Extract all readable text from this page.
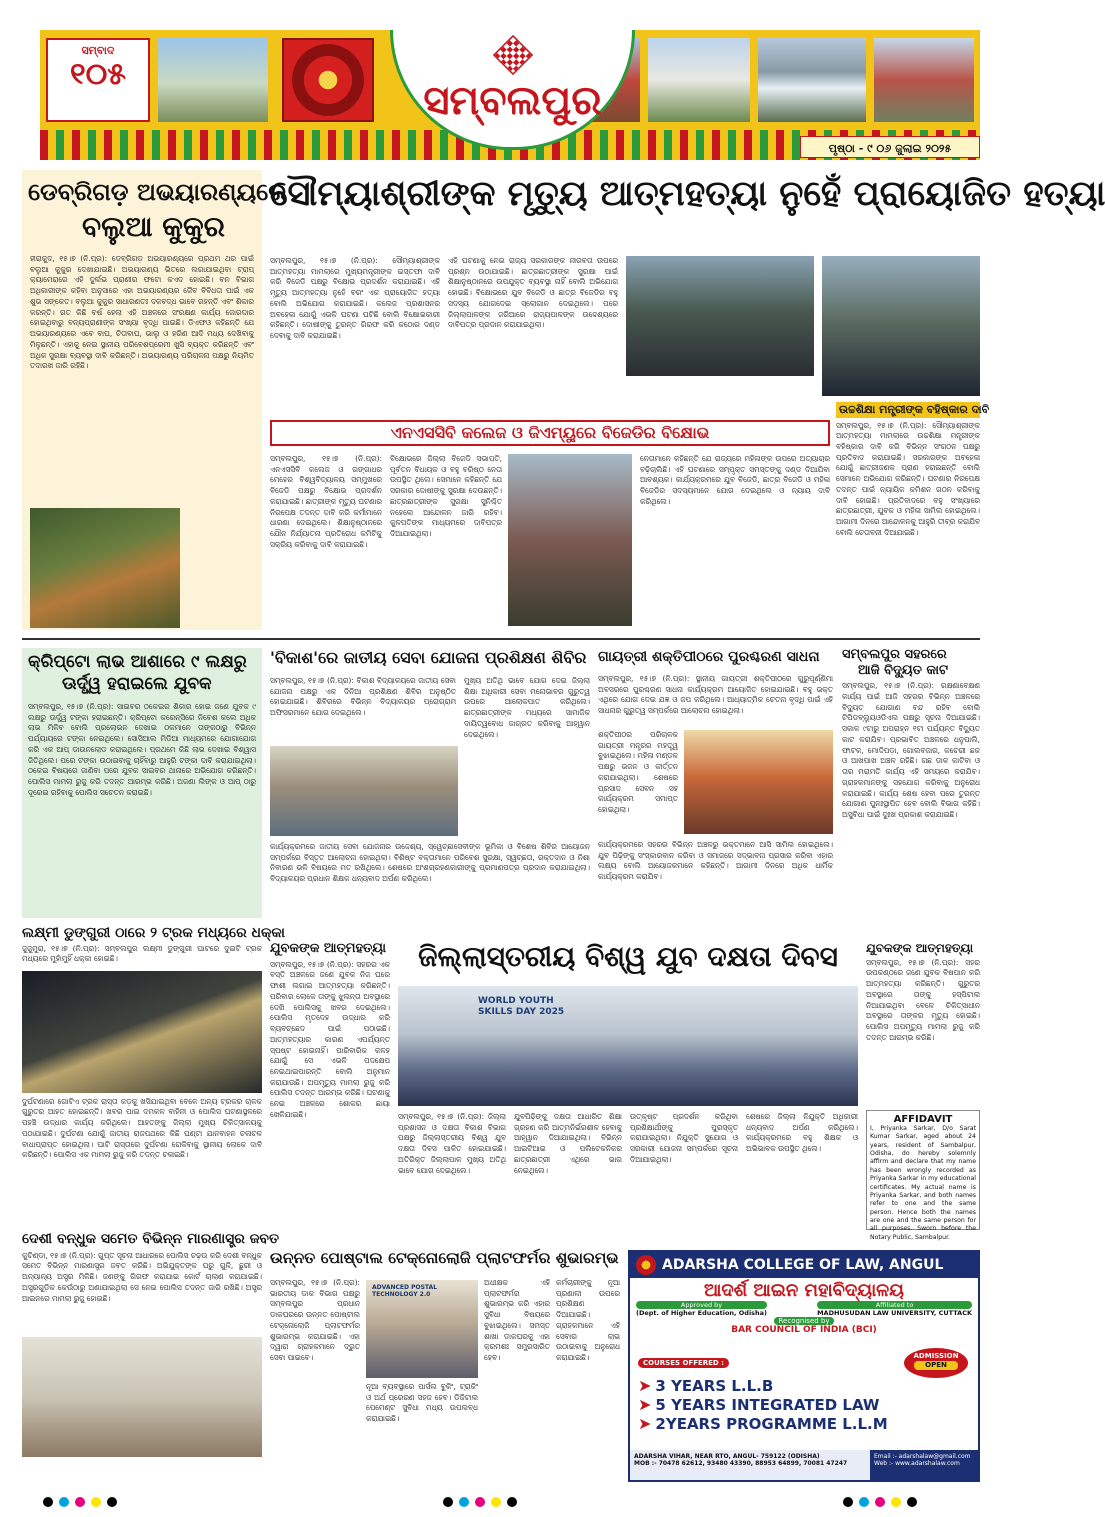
ସମ୍ବାଦ
୧୦୫
ସମ୍ବଲପୁର
ପୃଷ୍ଠା - ୯ ୦୬ ଜୁଲାଇ ୨୦୨୫
ଡେବ୍ରିଗଡ଼ ଅଭୟାରଣ୍ୟରେ
ବଲୁଆ କୁକୁର
ହୀରାକୁଦ, ୧୫।୭ (ନି.ପ୍ର): ଡେବ୍ରିଗଡ଼ ଅଭୟାରଣ୍ୟରେ ପ୍ରଥମ ଥର ପାଇଁ ବଲୁଆ କୁକୁର ଦେଖାଯାଇଛି। ଅଭୟାରଣ୍ୟ ଭିତରେ ଲଗାଯାଇଥିବା ଟ୍ରାପ୍ କ୍ୟାମେରାରେ ଏହି ଦୁର୍ଲଭ ପ୍ରାଣୀର ଫଟୋ କଏଦ ହୋଇଛି। ବନ ବିଭାଗ ଅଧିକାରୀଙ୍କ କହିବା ଅନୁସାରେ ଏହା ଅଭୟାରଣ୍ୟର ଜୈବ ବିବିଧତା ପାଇଁ ଏକ ଶୁଭ ସଙ୍କେତ। ବଲୁଆ କୁକୁର ସାଧାରଣତଃ ଦଳବଦ୍ଧ ଭାବେ ରହନ୍ତି ଏବଂ ଶିକାର କରନ୍ତି। ଗତ କିଛି ବର୍ଷ ହେଲା ଏହି ଅଞ୍ଚଳରେ ସଂରକ୍ଷଣ କାର୍ଯ୍ୟ ଜୋରଦାର ହୋଇଥିବାରୁ ବନ୍ୟପ୍ରାଣୀଙ୍କ ସଂଖ୍ୟା ବୃଦ୍ଧି ପାଇଛି। ଡିଏଫଓ କହିଛନ୍ତି ଯେ ଅଭୟାରଣ୍ୟରେ ଏବେ ବାଘ, ଚିତାବାଘ, ଭାଲୁ ଓ ହରିଣ ଆଦି ମଧ୍ୟ ଦେଖିବାକୁ ମିଳୁଛନ୍ତି। ଏହାକୁ ନେଇ ସ୍ଥାନୀୟ ପରିବେଶପ୍ରେମୀ ଖୁସି ବ୍ୟକ୍ତ କରିଛନ୍ତି ଏବଂ ଅଧିକ ସୁରକ୍ଷା ବ୍ୟବସ୍ଥା ଦାବି କରିଛନ୍ତି। ଅଭୟାରଣ୍ୟ ପରିଚାଳନା ପକ୍ଷରୁ ନିୟମିତ ତଦାରଖ ଜାରି ରହିଛି।
ସୌମ୍ୟାଶ୍ରୀଙ୍କ ମୃତ୍ୟୁ ଆତ୍ମହତ୍ୟା ନୁହେଁ ପ୍ରାୟୋଜିତ ହତ୍ୟା
ସମ୍ବଲପୁର, ୧୫।୭ (ନି.ପ୍ର): ସୌମ୍ୟାଶ୍ରୀଙ୍କ ଆତ୍ମହତ୍ୟା ମାମଲାରେ ମୁଖ୍ୟମନ୍ତ୍ରୀଙ୍କ ଇସ୍ତଫା ଦାବି କରି ବିଜେଡି ପକ୍ଷରୁ ବିକ୍ଷୋଭ ପ୍ରଦର୍ଶନ କରାଯାଇଛି। ଏହି ମୃତ୍ୟୁ ଆତ୍ମହତ୍ୟା ନୁହେଁ ବରଂ ଏକ ପ୍ରାୟୋଜିତ ହତ୍ୟା ବୋଲି ଅଭିଯୋଗ କରାଯାଇଛି। କଲେଜ ପ୍ରଶାସନର ଅବହେଳା ଯୋଗୁଁ ଏଭଳି ଘଟଣା ଘଟିଛି ବୋଲି ବିକ୍ଷୋଭକାରୀ କହିଛନ୍ତି। ଦୋଷୀଙ୍କୁ ତୁରନ୍ତ ଗିରଫ କରି କଠୋର ଦଣ୍ଡ ଦେବାକୁ ଦାବି କରାଯାଇଛି।
ଏହି ଘଟଣାକୁ ନେଇ ରାଜ୍ୟ ସରକାରଙ୍କ ନୀରବତା ଉପରେ ପ୍ରଶ୍ନ ଉଠାଯାଇଛି। ଛାତ୍ରଛାତ୍ରୀଙ୍କ ସୁରକ୍ଷା ପାଇଁ ଶିକ୍ଷାନୁଷ୍ଠାନରେ ଉପଯୁକ୍ତ ବ୍ୟବସ୍ଥା ନାହିଁ ବୋଲି ଅଭିଯୋଗ ହୋଇଛି। ବିକ୍ଷୋଭରେ ଯୁବ ବିଜେଡି ଓ ଛାତ୍ର ବିଜେଡିର ବହୁ ସଦସ୍ୟ ଯୋଗଦେଇ ସ୍ଲୋଗାନ ଦେଇଥିଲେ। ପରେ ଜିଲ୍ଲାପାଳଙ୍କ ଜରିଆରେ ରାଜ୍ୟପାଳଙ୍କ ଉଦ୍ଦେଶ୍ୟରେ ଦାବିପତ୍ର ପ୍ରଦାନ କରାଯାଇଥିଲା।
ଏନଏସସିବି କଲେଜ ଓ ଜିଏମ୍‌ୟୁରେ ବିଜେଡିର ବିକ୍ଷୋଭ
ସମ୍ବଲପୁର, ୧୫।୭ (ନି.ପ୍ର): ଏନଏସସିବି କଲେଜ ଓ ଗଙ୍ଗାଧର ମେହେର ବିଶ୍ୱବିଦ୍ୟାଳୟ ସମ୍ମୁଖରେ ବିଜେଡି ପକ୍ଷରୁ ବିକ୍ଷୋଭ ପ୍ରଦର୍ଶନ କରାଯାଇଛି। ଛାତ୍ରୀଙ୍କ ମୃତ୍ୟୁ ଘଟଣାର ନିରପେକ୍ଷ ତଦନ୍ତ ଦାବି କରି କର୍ମୀମାନେ ଧାରଣା ଦେଇଥିଲେ। ଶିକ୍ଷାନୁଷ୍ଠାନରେ ଯୌନ ନିର୍ଯ୍ୟାତନା ପ୍ରତିରୋଧ କମିଟିକୁ ସକ୍ରିୟ କରିବାକୁ ଦାବି କରାଯାଇଛି।
ବିକ୍ଷୋଭରେ ଜିଲ୍ଲା ବିଜେଡି ସଭାପତି, ପୂର୍ବତନ ବିଧାୟକ ଓ ବହୁ ବରିଷ୍ଠ ନେତା ଉପସ୍ଥିତ ଥିଲେ। ସେମାନେ କହିଛନ୍ତି ଯେ ସରକାର ଦୋଷୀଙ୍କୁ ସୁରକ୍ଷା ଦେଉଛନ୍ତି। ଛାତ୍ରଛାତ୍ରୀଙ୍କ ସୁରକ୍ଷା ସୁନିଶ୍ଚିତ ନହେଲେ ଆନ୍ଦୋଳନ ଜାରି ରହିବ। କୁଳପତିଙ୍କ ମାଧ୍ୟମରେ ଦାବିପତ୍ର ଦିଆଯାଇଥିଲା।
ନେତାମାନେ କହିଛନ୍ତି ଯେ ରାଜ୍ୟରେ ମହିଳାଙ୍କ ଉପରେ ଅତ୍ୟାଚାର ବଢ଼ିଚାଲିଛି। ଏହି ଘଟଣାରେ ସମ୍ପୃକ୍ତ ସମସ୍ତଙ୍କୁ ଦଣ୍ଡ ଦିଆଯିବା ଆବଶ୍ୟକ। କାର୍ଯ୍ୟକ୍ରମରେ ଯୁବ ବିଜେଡି, ଛାତ୍ର ବିଜେଡି ଓ ମହିଳା ବିଜେଡିର ସଦସ୍ୟମାନେ ଯୋଗ ଦେଇଥିଲେ ଓ ନ୍ୟାୟ ଦାବି କରିଥିଲେ।
ଉଚ୍ଚଶିକ୍ଷା ମନ୍ତ୍ରୀଙ୍କ ବହିଷ୍କାର ଦାବି
ସମ୍ବଲପୁର, ୧୫।୭ (ନି.ପ୍ର): ସୌମ୍ୟାଶ୍ରୀଙ୍କ ଆତ୍ମହତ୍ୟା ମାମଲାରେ ଉଚ୍ଚଶିକ୍ଷା ମନ୍ତ୍ରୀଙ୍କ ବହିଷ୍କାର ଦାବି କରି ବିଭିନ୍ନ ସଂଗଠନ ପକ୍ଷରୁ ପ୍ରତିବାଦ କରାଯାଇଛି। ସରକାରଙ୍କ ଅବହେଳା ଯୋଗୁଁ ଛାତ୍ରୀଜଣକ ପ୍ରାଣ ହରାଇଛନ୍ତି ବୋଲି ସେମାନେ ଅଭିଯୋଗ କରିଛନ୍ତି। ଘଟଣାର ନିରପେକ୍ଷ ତଦନ୍ତ ପାଇଁ ନ୍ୟାୟିକ କମିଶନ ଗଠନ କରିବାକୁ ଦାବି ହୋଇଛି। ପ୍ରତିବାଦରେ ବହୁ ସଂଖ୍ୟାରେ ଛାତ୍ରଛାତ୍ରୀ, ଯୁବକ ଓ ମହିଳା ସାମିଲ ହୋଇଥିଲେ। ଆଗାମୀ ଦିନରେ ଆନ୍ଦୋଳନକୁ ଆହୁରି ତୀବ୍ର କରାଯିବ ବୋଲି ଚେତାବନୀ ଦିଆଯାଇଛି।
କ୍ରିପ୍ଟୋ ଲାଭ ଆଶାରେ ୯ ଲକ୍ଷରୁ
ଊର୍ଦ୍ଧ୍ୱ ହରାଇଲେ ଯୁବକ
ସମ୍ବଲପୁର, ୧୫।୭ (ନି.ପ୍ର): ସାଇବର ଠକେଇର ଶିକାର ହୋଇ ଜଣେ ଯୁବକ ୯ ଲକ୍ଷରୁ ଊର୍ଦ୍ଧ୍ୱ ଟଙ୍କା ହରାଇଛନ୍ତି। କ୍ରିପ୍ଟୋ କରେନ୍ସିରେ ନିବେଶ କଲେ ଅଧିକ ଲାଭ ମିଳିବ ବୋଲି ପ୍ରଲୋଭନ ଦେଖାଇ ଠକମାନେ ତାଙ୍କଠାରୁ ବିଭିନ୍ନ ପର୍ଯ୍ୟାୟରେ ଟଙ୍କା ନେଇଥିଲେ। ସୋସିଆଲ ମିଡିଆ ମାଧ୍ୟମରେ ଯୋଗାଯୋଗ କରି ଏକ ଆପ୍ ଡାଉନଲୋଡ କରାଇଥିଲେ। ପ୍ରଥମେ କିଛି ଲାଭ ଦେଖାଇ ବିଶ୍ୱାସ ଜିତିଥିଲେ। ପରେ ଟଙ୍କା ଉଠାଇବାକୁ ଚାହିଁବାରୁ ଆହୁରି ଟଙ୍କା ଦାବି କରାଯାଇଥିଲା। ଠକେଇ ବିଷୟରେ ଜାଣିବା ପରେ ଯୁବକ ସାଇବର ଥାନାରେ ଅଭିଯୋଗ କରିଛନ୍ତି। ପୋଲିସ ମାମଲା ରୁଜୁ କରି ତଦନ୍ତ ଆରମ୍ଭ କରିଛି। ଅଜଣା ଲିଙ୍କ ଓ ଆପ୍ ଠାରୁ ଦୂରେଇ ରହିବାକୁ ପୋଲିସ ସଚେତନ କରାଇଛି।
'ବିକାଶ'ରେ ଜାତୀୟ ସେବା ଯୋଜନା ପ୍ରଶିକ୍ଷଣ ଶିବିର
ସମ୍ବଲପୁର, ୧୫।୭ (ନି.ପ୍ର): ବିକାଶ ବିଦ୍ୟାଳୟରେ ଜାତୀୟ ସେବା ଯୋଜନା ପକ୍ଷରୁ ଏକ ଦିନିଆ ପ୍ରଶିକ୍ଷଣ ଶିବିର ଅନୁଷ୍ଠିତ ହୋଇଯାଇଛି। ଶିବିରରେ ବିଭିନ୍ନ ବିଦ୍ୟାଳୟର ପ୍ରୋଗ୍ରାମ ଅଫିସରମାନେ ଯୋଗ ଦେଇଥିଲେ।
ମୁଖ୍ୟ ଅତିଥି ଭାବେ ଯୋଗ ଦେଇ ଜିଲ୍ଲା ଶିକ୍ଷା ଅଧିକାରୀ ସେବା ମନୋଭାବର ଗୁରୁତ୍ୱ ଉପରେ ଆଲୋକପାତ କରିଥିଲେ। ଛାତ୍ରଛାତ୍ରୀଙ୍କ ମଧ୍ୟରେ ସାମାଜିକ ଦାୟିତ୍ୱବୋଧ ଜାଗ୍ରତ କରିବାକୁ ଆହ୍ୱାନ ଦେଇଥିଲେ।
କାର୍ଯ୍ୟକ୍ରମରେ ଜାତୀୟ ସେବା ଯୋଜନାର ଉଦ୍ଦେଶ୍ୟ, ସ୍ୱେଚ୍ଛାସେବୀଙ୍କ ଭୂମିକା ଓ ବିଶେଷ ଶିବିର ଆୟୋଜନ ସମ୍ପର୍କରେ ବିସ୍ତୃତ ଆଲୋଚନା ହୋଇଥିଲା। ବିଶିଷ୍ଟ ବକ୍ତାମାନେ ପରିବେଶ ସୁରକ୍ଷା, ସ୍ୱଚ୍ଛତା, ରକ୍ତଦାନ ଓ ନିଶା ନିବାରଣ ଭଳି ବିଷୟରେ ମତ ରଖିଥିଲେ। ଶେଷରେ ଅଂଶଗ୍ରହଣକାରୀଙ୍କୁ ପ୍ରମାଣପତ୍ର ପ୍ରଦାନ କରାଯାଇଥିଲା। ବିଦ୍ୟାଳୟର ପ୍ରଧାନ ଶିକ୍ଷକ ଧନ୍ୟବାଦ ଅର୍ପଣ କରିଥିଲେ।
ଗାୟତ୍ରୀ ଶକ୍ତିପୀଠରେ ପୁରଶ୍ଚରଣ ସାଧନା
ସମ୍ବଲପୁର, ୧୫।୭ (ନି.ପ୍ର): ସ୍ଥାନୀୟ ଗାୟତ୍ରୀ ଶକ୍ତିପୀଠରେ ଗୁରୁପୂର୍ଣ୍ଣିମା ଅବସରରେ ପୁରଶ୍ଚରଣ ସାଧନା କାର୍ଯ୍ୟକ୍ରମ ଆୟୋଜିତ ହୋଇଯାଇଛି। ବହୁ ଭକ୍ତ ଏଥିରେ ଯୋଗ ଦେଇ ଯଜ୍ଞ ଓ ଜପ କରିଥିଲେ। ଆଧ୍ୟାତ୍ମିକ ଚେତନା ବୃଦ୍ଧି ପାଇଁ ଏହି ସାଧନାର ଗୁରୁତ୍ୱ ସମ୍ପର୍କରେ ଆଲୋଚନା ହୋଇଥିଲା।
ଶକ୍ତିପୀଠର ପରିଚାଳକ ଗାୟତ୍ରୀ ମନ୍ତ୍ରର ମହତ୍ତ୍ୱ ବୁଝାଇଥିଲେ। ମହିଳା ମଣ୍ଡଳ ପକ୍ଷରୁ ଭଜନ ଓ କୀର୍ତ୍ତନ କରାଯାଇଥିଲା। ଶେଷରେ ପ୍ରସାଦ ସେବନ ସହ କାର୍ଯ୍ୟକ୍ରମ ସମାପ୍ତ ହୋଇଥିଲା।
କାର୍ଯ୍ୟକ୍ରମରେ ସହରର ବିଭିନ୍ନ ଅଞ୍ଚଳରୁ ଭକ୍ତମାନେ ଆସି ସାମିଲ ହୋଇଥିଲେ। ଯୁବ ପିଢ଼ିଙ୍କୁ ସଂସ୍କାରବାନ କରିବା ଓ ସମାଜରେ ସଦ୍‌ଭାବନା ପ୍ରସାର କରିବା ଏହାର ଲକ୍ଷ୍ୟ ବୋଲି ଆୟୋଜକମାନେ କହିଛନ୍ତି। ଆଗାମୀ ଦିନରେ ଅଧିକ ଧାର୍ମିକ କାର୍ଯ୍ୟକ୍ରମ କରାଯିବ।
ସମ୍ବଲପୁର ସହରରେ
ଆଜି ବିଦ୍ୟୁତ କାଟ
ସମ୍ବଲପୁର, ୧୫।୭ (ନି.ପ୍ର): ରକ୍ଷଣାବେକ୍ଷଣ କାର୍ଯ୍ୟ ପାଇଁ ଆଜି ସହରର ବିଭିନ୍ନ ଅଞ୍ଚଳରେ ବିଦ୍ୟୁତ ଯୋଗାଣ ବନ୍ଦ ରହିବ ବୋଲି ଟିପିଡବ୍ଲ୍ୟୁଓଡିଏଲ ପକ୍ଷରୁ ସୂଚନା ଦିଆଯାଇଛି। ସକାଳ ୯ଟାରୁ ଅପରାହ୍ନ ୧ଟା ପର୍ଯ୍ୟନ୍ତ ବିଦ୍ୟୁତ କାଟ କରାଯିବ। ପ୍ରଭାବିତ ଅଞ୍ଚଳରେ ଧନୁପାଲି, ଫାଟକ, ମୋଦିପଡ଼ା, ଗୋଲବଜାର, କଚେରୀ ଛକ ଓ ଆଖପାଖ ଅଞ୍ଚଳ ରହିଛି। ଗଛ ଡାଳ କାଟିବା ଓ ତାର ମରାମତି କାର୍ଯ୍ୟ ଏହି ସମୟରେ କରାଯିବ। ଗ୍ରାହକମାନଙ୍କୁ ସହଯୋଗ କରିବାକୁ ଅନୁରୋଧ କରାଯାଇଛି। କାର୍ଯ୍ୟ ଶେଷ ହେବା ପରେ ତୁରନ୍ତ ଯୋଗାଣ ପୁନଃସ୍ଥାପିତ ହେବ ବୋଲି ବିଭାଗ କହିଛି। ଅସୁବିଧା ପାଇଁ ଦୁଃଖ ପ୍ରକାଶ କରାଯାଇଛି।
ଲକ୍ଷ୍ମୀ ଡୁଙ୍ଗୁରୀ ଠାରେ ୨ ଟ୍ରକ ମଧ୍ୟରେ ଧକ୍କା
ଜୁଜୁମୁରା, ୧୫।୭ (ନି.ପ୍ର): ସମ୍ବଲପୁର ଲକ୍ଷ୍ମୀ ଡୁଙ୍ଗୁରୀ ଘାଟରେ ଦୁଇଟି ଟ୍ରକ ମଧ୍ୟରେ ମୁହାଁମୁହିଁ ଧକ୍କା ହୋଇଛି।
ଦୁର୍ଘଟଣାରେ ଗୋଟିଏ ଟ୍ରକ ରାସ୍ତା କଡ଼କୁ ଖସିଯାଇଥିବା ବେଳେ ଅନ୍ୟ ଟ୍ରକର ଚାଳକ ଗୁରୁତର ଆହତ ହୋଇଛନ୍ତି। ଖବର ପାଇ ଦମକଳ ବାହିନୀ ଓ ପୋଲିସ ଘଟଣାସ୍ଥଳରେ ପହଞ୍ଚି ଉଦ୍ଧାର କାର୍ଯ୍ୟ କରିଥିଲେ। ଆହତଙ୍କୁ ଜିଲ୍ଲା ମୁଖ୍ୟ ଚିକିତ୍ସାଳୟକୁ ପଠାଯାଇଛି। ଦୁର୍ଘଟଣା ଯୋଗୁଁ ଜାତୀୟ ରାଜପଥରେ କିଛି ଘଣ୍ଟା ଯାନବାହନ ଚଳାଚଳ ବାଧାପ୍ରାପ୍ତ ହୋଇଥିଲା। ଘାଟି ରାସ୍ତାରେ ଦୁର୍ଘଟଣା ରୋକିବାକୁ ସ୍ଥାନୀୟ ଲୋକେ ଦାବି କରିଛନ୍ତି। ପୋଲିସ ଏକ ମାମଲା ରୁଜୁ କରି ତଦନ୍ତ ଚଳାଇଛି।
ଦେଶୀ ବନ୍ଧୁକ ସମେତ ବିଭିନ୍ନ ମାରଣାସ୍ତ୍ର ଜବତ
କୁଚିଣ୍ଡା, ୧୫।୭ (ନି.ପ୍ର): ଗୁପ୍ତ ସୂଚନା ଆଧାରରେ ପୋଲିସ ଚଢ଼ଉ କରି ଦେଶୀ ବନ୍ଧୁକ ସମେତ ବିଭିନ୍ନ ମାରଣାସ୍ତ୍ର ଜବତ କରିଛି। ଅଭିଯୁକ୍ତଙ୍କ ଘରୁ ଗୁଳି, ଛୁରୀ ଓ ଅନ୍ୟାନ୍ୟ ଅସ୍ତ୍ର ମିଳିଛି। ଜଣଙ୍କୁ ଗିରଫ କରାଯାଇ କୋର୍ଟ ଚାଲାଣ କରାଯାଇଛି। ଅସ୍ତ୍ରଗୁଡ଼ିକ କେଉଁଠାରୁ ଅଣାଯାଇଥିଲା ସେ ନେଇ ପୋଲିସ ତଦନ୍ତ ଜାରି ରଖିଛି। ଅସ୍ତ୍ର ଆଇନରେ ମାମଲା ରୁଜୁ ହୋଇଛି।
ଯୁବକଙ୍କ ଆତ୍ମହତ୍ୟା
ସମ୍ବଲପୁର, ୧୫।୭ (ନି.ପ୍ର): ସହରର ଏକ ବସ୍ତି ଅଞ୍ଚଳରେ ଜଣେ ଯୁବକ ନିଜ ଘରେ ଫାଶୀ ଲଗାଇ ଆତ୍ମହତ୍ୟା କରିଛନ୍ତି। ପରିବାର ଲୋକେ ତାଙ୍କୁ ଝୁଲନ୍ତା ଅବସ୍ଥାରେ ଦେଖି ପୋଲିସକୁ ଖବର ଦେଇଥିଲେ। ପୋଲିସ ମୃତଦେହ ଉଦ୍ଧାର କରି ବ୍ୟବଚ୍ଛେଦ ପାଇଁ ପଠାଇଛି। ଆତ୍ମହତ୍ୟାର କାରଣ ଏପର୍ଯ୍ୟନ୍ତ ସ୍ପଷ୍ଟ ହୋଇନାହିଁ। ପାରିବାରିକ କଳହ ଯୋଗୁଁ ସେ ଏଭଳି ପଦକ୍ଷେପ ନେଇଥାଇପାରନ୍ତି ବୋଲି ଅନୁମାନ କରାଯାଉଛି। ଅପମୃତ୍ୟୁ ମାମଲା ରୁଜୁ କରି ପୋଲିସ ତଦନ୍ତ ଆରମ୍ଭ କରିଛି। ଘଟଣାକୁ ନେଇ ଅଞ୍ଚଳରେ ଶୋକର ଛାୟା ଖେଳିଯାଇଛି।
ଜିଲ୍ଲାସ୍ତରୀୟ ବିଶ୍ୱ ଯୁବ ଦକ୍ଷତା ଦିବସ
WORLD YOUTH SKILLS DAY 2025
ସମ୍ବଲପୁର, ୧୫।୭ (ନି.ପ୍ର): ଜିଲ୍ଲା ପ୍ରଶାସନ ଓ ଦକ୍ଷତା ବିକାଶ ବିଭାଗ ପକ୍ଷରୁ ଜିଲ୍ଲାସ୍ତରୀୟ ବିଶ୍ୱ ଯୁବ ଦକ୍ଷତା ଦିବସ ପାଳିତ ହୋଇଯାଇଛି। ଅତିରିକ୍ତ ଜିଲ୍ଲାପାଳ ମୁଖ୍ୟ ଅତିଥି ଭାବେ ଯୋଗ ଦେଇଥିଲେ।
ଯୁବପିଢ଼ିଙ୍କୁ ଦକ୍ଷତା ଆଧାରିତ ଶିକ୍ଷା ଗ୍ରହଣ କରି ଆତ୍ମନିର୍ଭରଶୀଳ ହେବାକୁ ଆହ୍ୱାନ ଦିଆଯାଇଥିଲା। ବିଭିନ୍ନ ଆଇଟିଆଇ ଓ ପଲିଟେକନିକର ଛାତ୍ରଛାତ୍ରୀ ଏଥିରେ ଭାଗ ନେଇଥିଲେ।
ଉତ୍କୃଷ୍ଟ ପ୍ରଦର୍ଶନ କରିଥିବା ପ୍ରଶିକ୍ଷାର୍ଥୀଙ୍କୁ ପୁରସ୍କୃତ କରାଯାଇଥିଲା। ନିଯୁକ୍ତି ସୁଯୋଗ ଓ ସରକାରୀ ଯୋଜନା ସମ୍ପର୍କରେ ସୂଚନା ଦିଆଯାଇଥିଲା।
ଶେଷରେ ଜିଲ୍ଲା ନିଯୁକ୍ତି ଅଧିକାରୀ ଧନ୍ୟବାଦ ଅର୍ପଣ କରିଥିଲେ। କାର୍ଯ୍ୟକ୍ରମରେ ବହୁ ଶିକ୍ଷକ ଓ ଅଭିଭାବକ ଉପସ୍ଥିତ ଥିଲେ।
ଯୁବକଙ୍କ ଆତ୍ମହତ୍ୟା
ସମ୍ବଲପୁର, ୧୫।୭ (ନି.ପ୍ର): ସହର ଉପକଣ୍ଠରେ ଜଣେ ଯୁବକ ବିଷପାନ କରି ଆତ୍ମହତ୍ୟା କରିଛନ୍ତି। ଗୁରୁତର ଅବସ୍ଥାରେ ତାଙ୍କୁ ହସ୍ପିଟାଲ ନିଆଯାଇଥିବା ବେଳେ ଚିକିତ୍ସାଧୀନ ଅବସ୍ଥାରେ ତାଙ୍କର ମୃତ୍ୟୁ ହୋଇଛି। ପୋଲିସ ଅପମୃତ୍ୟୁ ମାମଲା ରୁଜୁ କରି ତଦନ୍ତ ଆରମ୍ଭ କରିଛି।
AFFIDAVIT
I, Priyanka Sarkar, D/o Sarat Kumar Sarkar, aged about 24 years, resident of Sambalpur, Odisha, do hereby solemnly affirm and declare that my name has been wrongly recorded as Priyanka Sarkar in my educational certificates. My actual name is Priyanka Sarkar, and both names refer to one and the same person. Hence both the names are one and the same person for all purposes. Sworn before the Notary Public, Sambalpur.
ଉନ୍ନତ ପୋଷ୍ଟାଲ ଟେକ୍ନୋଲୋଜି ପ୍ଲାଟଫର୍ମର ଶୁଭାରମ୍ଭ
ସମ୍ବଲପୁର, ୧୫।୭ (ନି.ପ୍ର): ଭାରତୀୟ ଡାକ ବିଭାଗ ପକ୍ଷରୁ ସମ୍ବଲପୁର ପ୍ରଧାନ ଡାକଘରରେ ଉନ୍ନତ ପୋଷ୍ଟାଲ ଟେକ୍ନୋଲୋଜି ପ୍ଲାଟଫର୍ମର ଶୁଭାରମ୍ଭ କରାଯାଇଛି। ଏହା ଦ୍ୱାରା ଗ୍ରାହକମାନେ ଦ୍ରୁତ ସେବା ପାଇବେ।
ADVANCED POSTAL TECHNOLOGY 2.0
ନୂଆ ବ୍ୟବସ୍ଥାରେ ପାର୍ସଲ ବୁକିଂ, ଟ୍ରାକିଂ ଓ ଅର୍ଥ ପ୍ରେରଣ ସହଜ ହେବ। ଡିଜିଟାଲ ପେମେଣ୍ଟ ସୁବିଧା ମଧ୍ୟ ଉପଲବ୍ଧ କରାଯାଇଛି।
ଅଧୀକ୍ଷକ ଏହି ପ୍ଲାଟଫର୍ମର ଶୁଭାରମ୍ଭ କରି ଏହାର ସୁବିଧା ବିଷୟରେ ବୁଝାଇଥିଲେ। ସମସ୍ତ ଶାଖା ଡାକଘରକୁ ଏହା କ୍ରମଶଃ ସମ୍ପ୍ରସାରିତ ହେବ।
କର୍ମଚାରୀଙ୍କୁ ନୂଆ ପ୍ରଣାଳୀ ଉପରେ ପ୍ରଶିକ୍ଷଣ ଦିଆଯାଇଛି। ଗ୍ରାହକମାନେ ଏହି ସେବାର ଲାଭ ଉଠାଇବାକୁ ଅନୁରୋଧ କରାଯାଇଛି।
ADARSHA COLLEGE OF LAW, ANGUL
ଆଦର୍ଶ ଆଇନ ମହାବିଦ୍ୟାଳୟ
Approved by
(Dept. of Higher Education, Odisha)
Affiliated to
MADHUSUDAN LAW UNIVERSITY, CUTTACK
Recognised by
BAR COUNCIL OF INDIA (BCI)
COURSES OFFERED :
ADMISSION
OPEN
➤ 3 YEARS L.L.B
➤ 5 YEARS INTEGRATED LAW
➤ 2YEARS PROGRAMME L.L.M
ADARSHA VIHAR, NEAR RTO, ANGUL- 759122 (ODISHA)
MOB :- 70478 62612, 93480 43390, 88953 64899, 70081 47247
Email :- adarshalaw@gmail.com
Web :- www.adarshalaw.com
